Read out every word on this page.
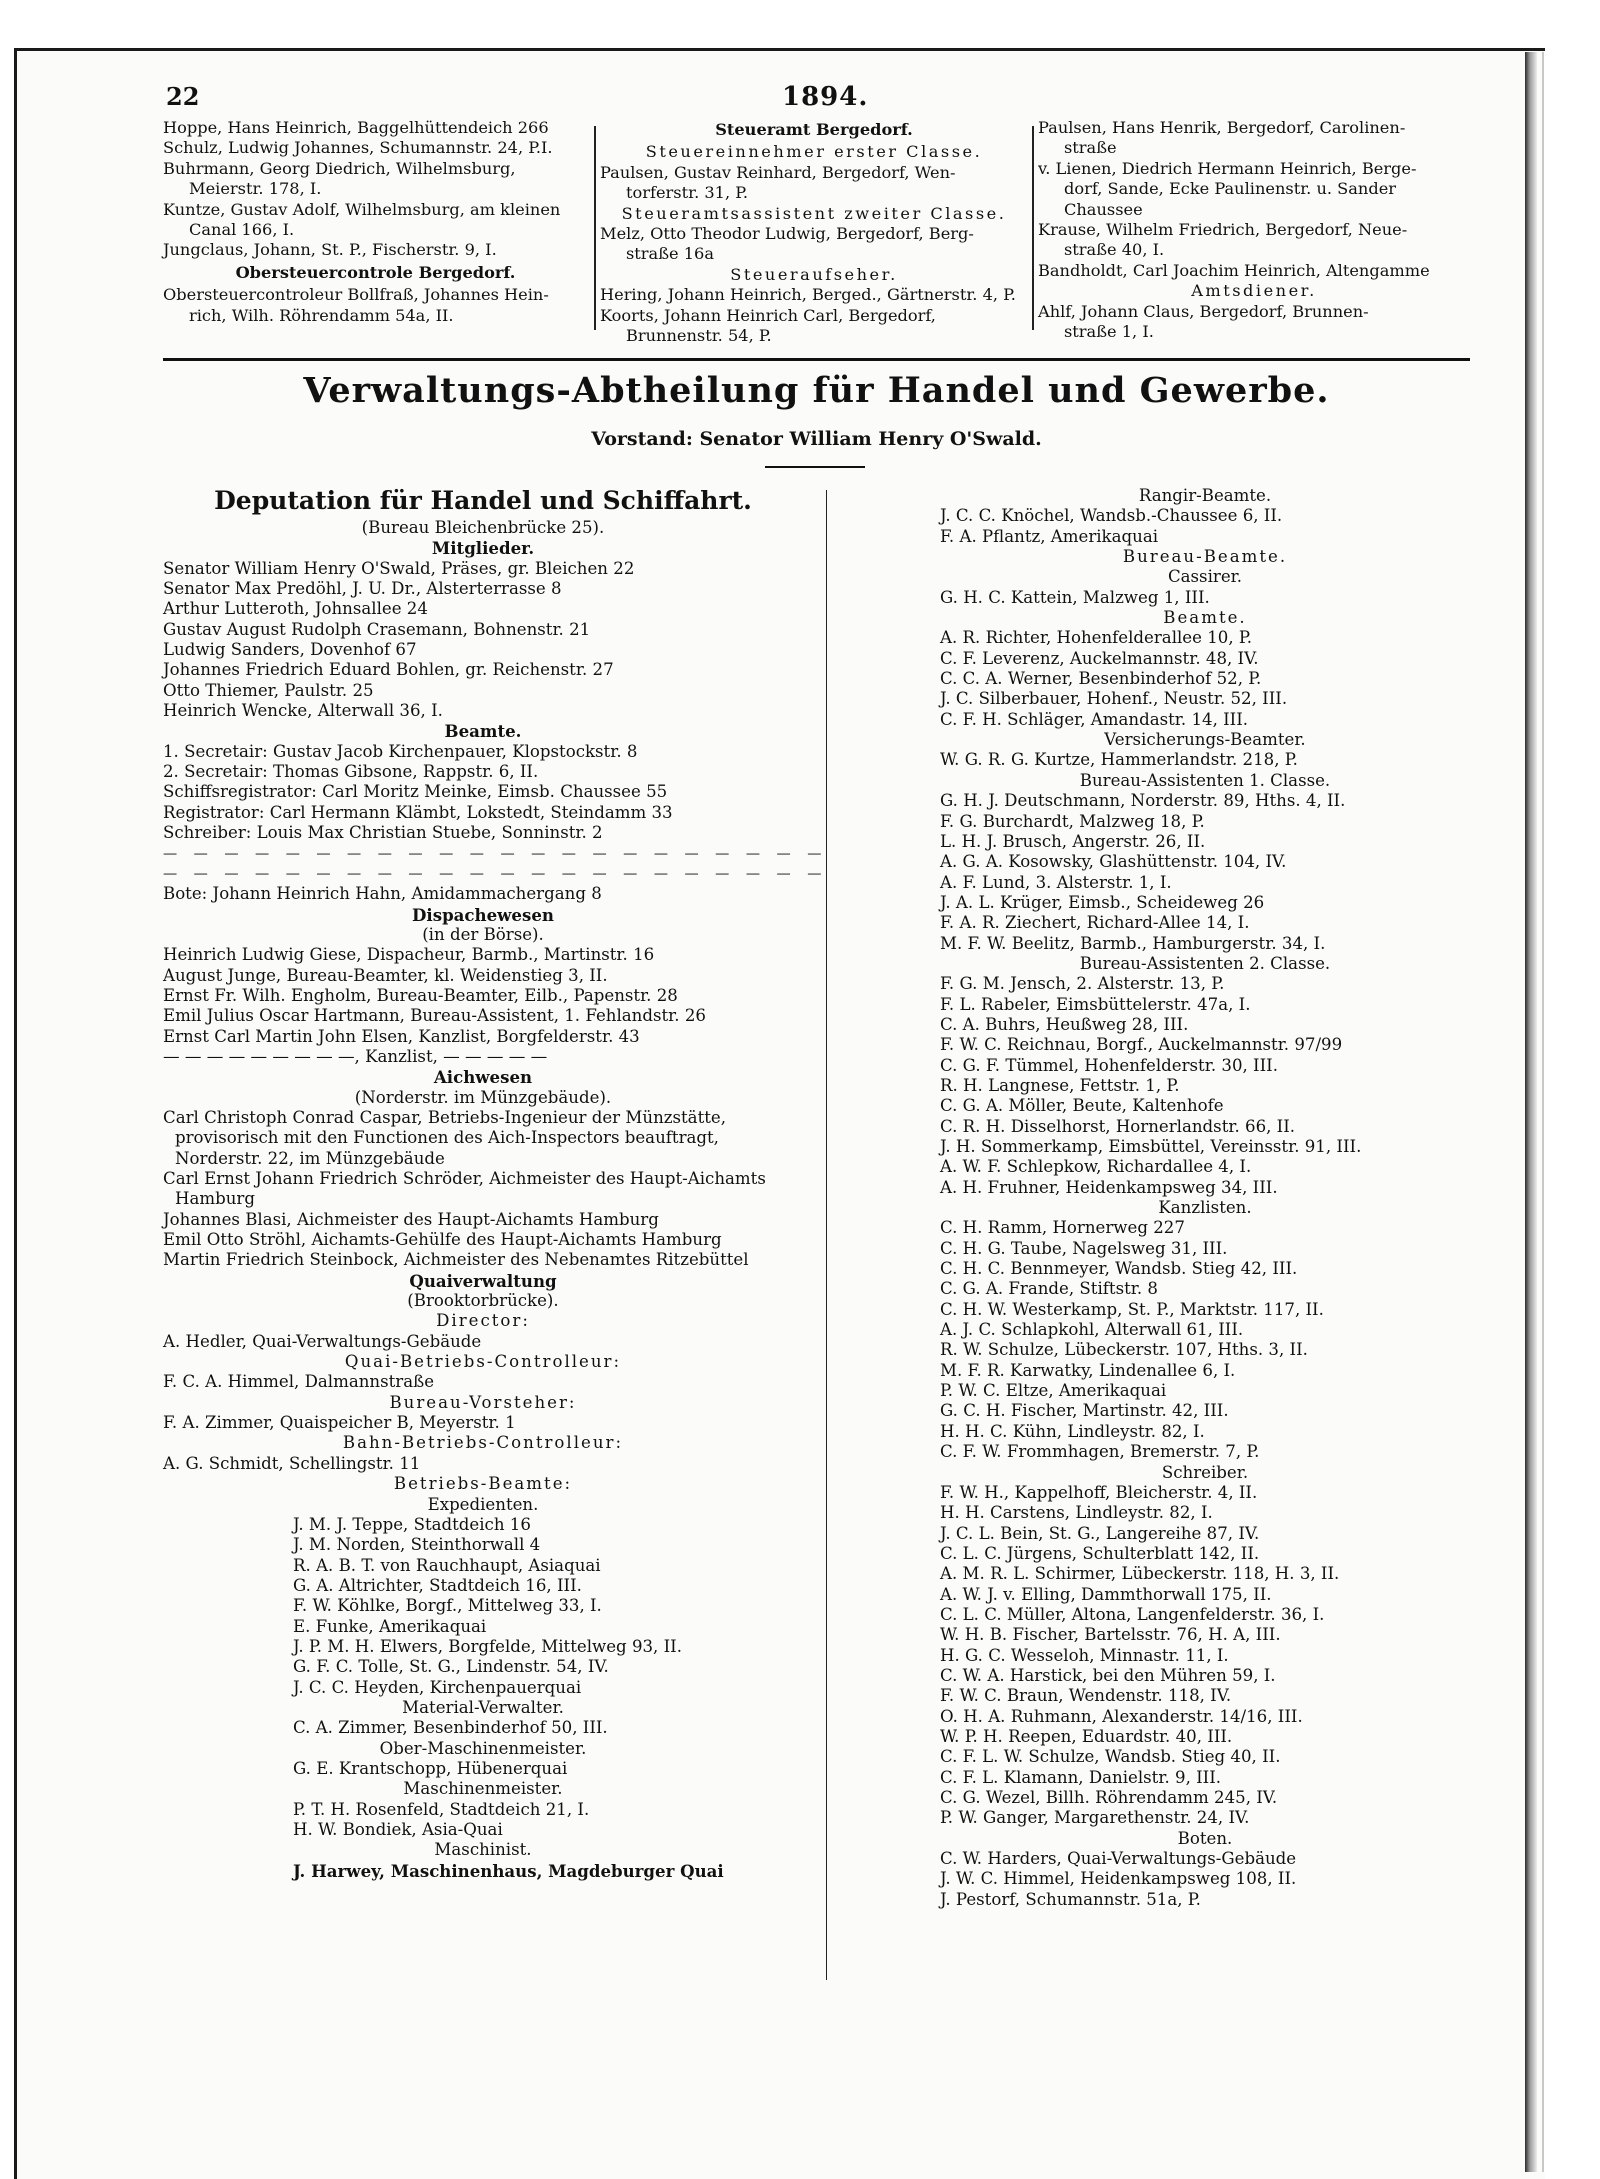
22	1894.

Hoppe, Hans Heinrich, Baggelhüttendeich 266

Schulz, Ludwig Johannes, Schumannstr. 24, P.I.

Buhrmann, Georg Diedrich, Wilhelmsburg,

Meierstr. 178, I.

Kuntze, Gustav Adolf, Wilhelmsburg, am kleinen

Canal 166, I.

Jungclaus, Johann, St. P., Fischerstr. 9, I.

Obersteuercontrole Bergedorf.

Obersteuercontroleur Bollfraß, Johannes Hein-

rich, Wilh. Röhrendamm 54a, II.

Steueramt Bergedorf.

Steuereinnehmer erster Classe.

Paulsen, Gustav Reinhard, Bergedorf, Wen-

torferstr. 31, P.

Steueramtsassistent zweiter Classe.

Melz, Otto Theodor Ludwig, Bergedorf, Berg-

straße 16a

Steueraufseher.

Hering, Johann Heinrich, Berged., Gärtnerstr. 4, P.

Koorts, Johann Heinrich Carl, Bergedorf,

Brunnenstr. 54, P.

Paulsen, Hans Henrik, Bergedorf, Carolinen-

straße

v. Lienen, Diedrich Hermann Heinrich, Berge-

dorf, Sande, Ecke Paulinenstr. u. Sander

Chaussee

Krause, Wilhelm Friedrich, Bergedorf, Neue-

straße 40, I.

Bandholdt, Carl Joachim Heinrich, Altengamme

Amtsdiener.

Ahlf, Johann Claus, Bergedorf, Brunnen-

straße 1, I.

Verwaltungs-Abtheilung für Handel und Gewerbe.
Vorstand: Senator William Henry O'Swald.

Deputation für Handel und Schiffahrt.

(Bureau Bleichenbrücke 25).

Mitglieder.

Senator William Henry O'Swald, Präses, gr. Bleichen 22

Senator Max Predöhl, J. U. Dr., Alsterterrasse 8

Arthur Lutteroth, Johnsallee 24

Gustav August Rudolph Crasemann, Bohnenstr. 21

Ludwig Sanders, Dovenhof 67

Johannes Friedrich Eduard Bohlen, gr. Reichenstr. 27

Otto Thiemer, Paulstr. 25

Heinrich Wencke, Alterwall 36, I.

Beamte.

1. Secretair: Gustav Jacob Kirchenpauer, Klopstockstr. 8

2. Secretair: Thomas Gibsone, Rappstr. 6, II.

Schiffsregistrator: Carl Moritz Meinke, Eimsb. Chaussee 55

Registrator: Carl Hermann Klämbt, Lokstedt, Steindamm 33

Schreiber: Louis Max Christian Stuebe, Sonninstr. 2

— — — — — — — — — — — — — — — — — — — — — —

— — — — — — — — — — — — — — — — — — — — — —

Bote: Johann Heinrich Hahn, Amidammachergang 8

Dispachewesen

(in der Börse).

Heinrich Ludwig Giese, Dispacheur, Barmb., Martinstr. 16

August Junge, Bureau-Beamter, kl. Weidenstieg 3, II.

Ernst Fr. Wilh. Engholm, Bureau-Beamter, Eilb., Papenstr. 28

Emil Julius Oscar Hartmann, Bureau-Assistent, 1. Fehlandstr. 26

Ernst Carl Martin John Elsen, Kanzlist, Borgfelderstr. 43

— — — — — — — — —, Kanzlist, — — — — —

Aichwesen

(Norderstr. im Münzgebäude).

Carl Christoph Conrad Caspar, Betriebs-Ingenieur der Münzstätte,

provisorisch mit den Functionen des Aich-Inspectors beauftragt,

Norderstr. 22, im Münzgebäude

Carl Ernst Johann Friedrich Schröder, Aichmeister des Haupt-Aichamts

Hamburg

Johannes Blasi, Aichmeister des Haupt-Aichamts Hamburg

Emil Otto Ströhl, Aichamts-Gehülfe des Haupt-Aichamts Hamburg

Martin Friedrich Steinbock, Aichmeister des Nebenamtes Ritzebüttel

Quaiverwaltung

(Brooktorbrücke).

Director:

A. Hedler, Quai-Verwaltungs-Gebäude

Quai-Betriebs-Controlleur:

F. C. A. Himmel, Dalmannstraße

Bureau-Vorsteher:

F. A. Zimmer, Quaispeicher B, Meyerstr. 1

Bahn-Betriebs-Controlleur:

A. G. Schmidt, Schellingstr. 11

Betriebs-Beamte:

Expedienten.

J. M. J. Teppe, Stadtdeich 16

J. M. Norden, Steinthorwall 4

R. A. B. T. von Rauchhaupt, Asiaquai

G. A. Altrichter, Stadtdeich 16, III.

F. W. Köhlke, Borgf., Mittelweg 33, I.

E. Funke, Amerikaquai

J. P. M. H. Elwers, Borgfelde, Mittelweg 93, II.

G. F. C. Tolle, St. G., Lindenstr. 54, IV.

J. C. C. Heyden, Kirchenpauerquai

Material-Verwalter.

C. A. Zimmer, Besenbinderhof 50, III.

Ober-Maschinenmeister.

G. E. Krantschopp, Hübenerquai

Maschinenmeister.

P. T. H. Rosenfeld, Stadtdeich 21, I.

H. W. Bondiek, Asia-Quai

Maschinist.

J. Harwey, Maschinenhaus, Magdeburger Quai

Rangir-Beamte.

J. C. C. Knöchel, Wandsb.-Chaussee 6, II.

F. A. Pflantz, Amerikaquai

Bureau-Beamte.

Cassirer.

G. H. C. Kattein, Malzweg 1, III.

Beamte.

A. R. Richter, Hohenfelderallee 10, P.

C. F. Leverenz, Auckelmannstr. 48, IV.

C. C. A. Werner, Besenbinderhof 52, P.

J. C. Silberbauer, Hohenf., Neustr. 52, III.

C. F. H. Schläger, Amandastr. 14, III.

Versicherungs-Beamter.

W. G. R. G. Kurtze, Hammerlandstr. 218, P.

Bureau-Assistenten 1. Classe.

G. H. J. Deutschmann, Norderstr. 89, Hths. 4, II.

F. G. Burchardt, Malzweg 18, P.

L. H. J. Brusch, Angerstr. 26, II.

A. G. A. Kosowsky, Glashüttenstr. 104, IV.

A. F. Lund, 3. Alsterstr. 1, I.

J. A. L. Krüger, Eimsb., Scheideweg 26

F. A. R. Ziechert, Richard-Allee 14, I.

M. F. W. Beelitz, Barmb., Hamburgerstr. 34, I.

Bureau-Assistenten 2. Classe.

F. G. M. Jensch, 2. Alsterstr. 13, P.

F. L. Rabeler, Eimsbüttelerstr. 47a, I.

C. A. Buhrs, Heußweg 28, III.

F. W. C. Reichnau, Borgf., Auckelmannstr. 97/99

C. G. F. Tümmel, Hohenfelderstr. 30, III.

R. H. Langnese, Fettstr. 1, P.

C. G. A. Möller, Beute, Kaltenhofe

C. R. H. Disselhorst, Hornerlandstr. 66, II.

J. H. Sommerkamp, Eimsbüttel, Vereinsstr. 91, III.

A. W. F. Schlepkow, Richardallee 4, I.

A. H. Fruhner, Heidenkampsweg 34, III.

Kanzlisten.

C. H. Ramm, Hornerweg 227

C. H. G. Taube, Nagelsweg 31, III.

C. H. C. Bennmeyer, Wandsb. Stieg 42, III.

C. G. A. Frande, Stiftstr. 8

C. H. W. Westerkamp, St. P., Marktstr. 117, II.

A. J. C. Schlapkohl, Alterwall 61, III.

R. W. Schulze, Lübeckerstr. 107, Hths. 3, II.

M. F. R. Karwatky, Lindenallee 6, I.

P. W. C. Eltze, Amerikaquai

G. C. H. Fischer, Martinstr. 42, III.

H. H. C. Kühn, Lindleystr. 82, I.

C. F. W. Frommhagen, Bremerstr. 7, P.

Schreiber.

F. W. H., Kappelhoff, Bleicherstr. 4, II.

H. H. Carstens, Lindleystr. 82, I.

J. C. L. Bein, St. G., Langereihe 87, IV.

C. L. C. Jürgens, Schulterblatt 142, II.

A. M. R. L. Schirmer, Lübeckerstr. 118, H. 3, II.

A. W. J. v. Elling, Dammthorwall 175, II.

C. L. C. Müller, Altona, Langenfelderstr. 36, I.

W. H. B. Fischer, Bartelsstr. 76, H. A, III.

H. G. C. Wesseloh, Minnastr. 11, I.

C. W. A. Harstick, bei den Mühren 59, I.

F. W. C. Braun, Wendenstr. 118, IV.

O. H. A. Ruhmann, Alexanderstr. 14/16, III.

W. P. H. Reepen, Eduardstr. 40, III.

C. F. L. W. Schulze, Wandsb. Stieg 40, II.

C. F. L. Klamann, Danielstr. 9, III.

C. G. Wezel, Billh. Röhrendamm 245, IV.

P. W. Ganger, Margarethenstr. 24, IV.

Boten.

C. W. Harders, Quai-Verwaltungs-Gebäude

J. W. C. Himmel, Heidenkampsweg 108, II.

J. Pestorf, Schumannstr. 51a, P.
